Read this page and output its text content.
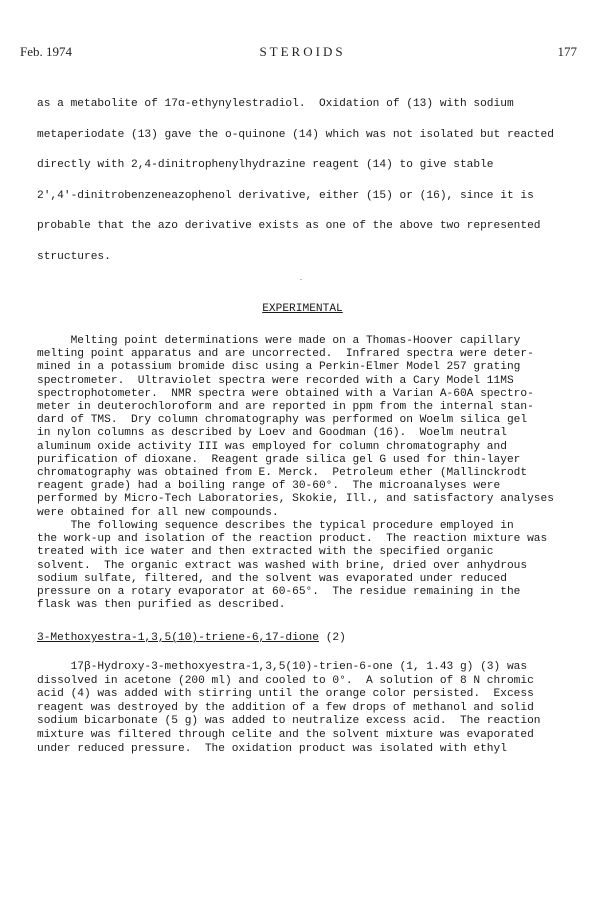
Feb. 1974	STEROIDS	177
as a metabolite of 17α-ethynylestradiol.  Oxidation of (13) with sodium
metaperiodate (13) gave the o-quinone (14) which was not isolated but reacted
directly with 2,4-dinitrophenylhydrazine reagent (14) to give stable
2',4'-dinitrobenzeneazophenol derivative, either (15) or (16), since it is
probable that the azo derivative exists as one of the above two represented
structures.
EXPERIMENTAL
Melting point determinations were made on a Thomas-Hoover capillary
melting point apparatus and are uncorrected.  Infrared spectra were deter-
mined in a potassium bromide disc using a Perkin-Elmer Model 257 grating
spectrometer.  Ultraviolet spectra were recorded with a Cary Model 11MS
spectrophotometer.  NMR spectra were obtained with a Varian A-60A spectro-
meter in deuterochloroform and are reported in ppm from the internal stan-
dard of TMS.  Dry column chromatography was performed on Woelm silica gel
in nylon columns as described by Loev and Goodman (16).  Woelm neutral
aluminum oxide activity III was employed for column chromatography and
purification of dioxane.  Reagent grade silica gel G used for thin-layer
chromatography was obtained from E. Merck.  Petroleum ether (Mallinckrodt
reagent grade) had a boiling range of 30-60°.  The microanalyses were
performed by Micro-Tech Laboratories, Skokie, Ill., and satisfactory analyses
were obtained for all new compounds.
The following sequence describes the typical procedure employed in
the work-up and isolation of the reaction product.  The reaction mixture was
treated with ice water and then extracted with the specified organic
solvent.  The organic extract was washed with brine, dried over anhydrous
sodium sulfate, filtered, and the solvent was evaporated under reduced
pressure on a rotary evaporator at 60-65°.  The residue remaining in the
flask was then purified as described.
3-Methoxyestra-1,3,5(10)-triene-6,17-dione (2)
17β-Hydroxy-3-methoxyestra-1,3,5(10)-trien-6-one (1, 1.43 g) (3) was
dissolved in acetone (200 ml) and cooled to 0°.  A solution of 8 N chromic
acid (4) was added with stirring until the orange color persisted.  Excess
reagent was destroyed by the addition of a few drops of methanol and solid
sodium bicarbonate (5 g) was added to neutralize excess acid.  The reaction
mixture was filtered through celite and the solvent mixture was evaporated
under reduced pressure.  The oxidation product was isolated with ethyl
